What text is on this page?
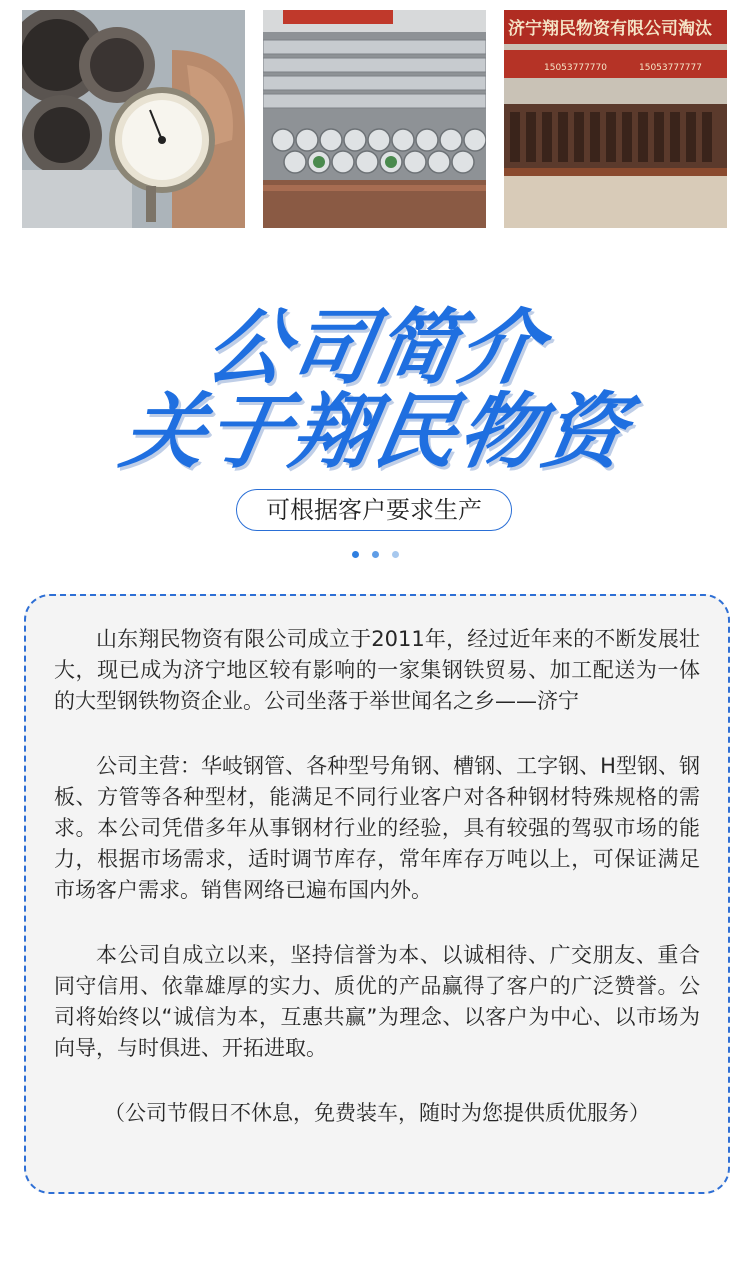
济宁翔民物资有限公司淘汰
15053777770	15053777777
公司简介
关于翔民物资
可根据客户要求生产

山东翔民物资有限公司成立于2011年，经过近年来的不断发展壮大，现已成为济宁地区较有影响的一家集钢铁贸易、加工配送为一体的大型钢铁物资企业。公司坐落于举世闻名之乡——济宁

公司主营：华岐钢管、各种型号角钢、槽钢、工字钢、H型钢、钢板、方管等各种型材，能满足不同行业客户对各种钢材特殊规格的需求。本公司凭借多年从事钢材行业的经验，具有较强的驾驭市场的能力，根据市场需求，适时调节库存，常年库存万吨以上，可保证满足市场客户需求。销售网络已遍布国内外。

本公司自成立以来，坚持信誉为本、以诚相待、广交朋友、重合同守信用、依靠雄厚的实力、质优的产品赢得了客户的广泛赞誉。公司将始终以“诚信为本，互惠共赢”为理念、以客户为中心、以市场为向导，与时俱进、开拓进取。

（公司节假日不休息，免费装车，随时为您提供质优服务）
